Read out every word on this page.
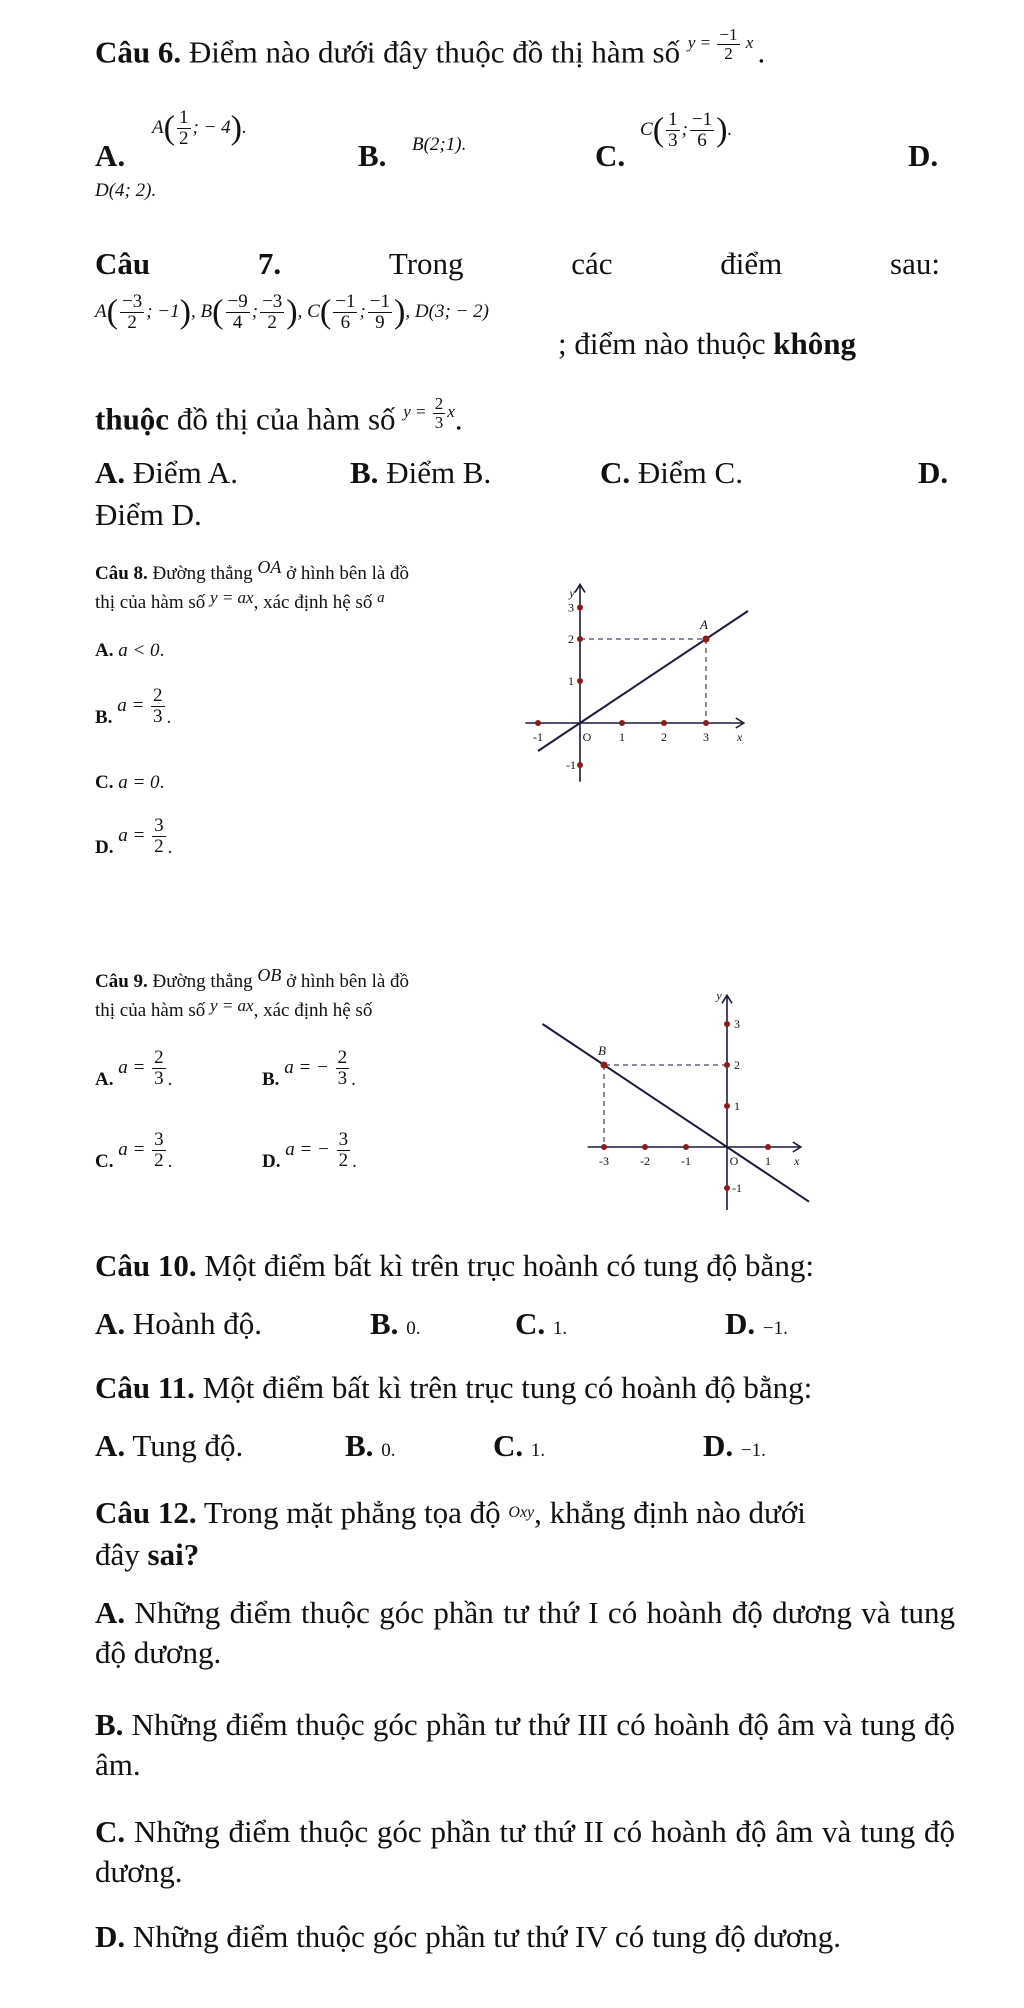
Câu 6. Điểm nào dưới đây thuộc đồ thị hàm số $^{y = \frac{-1}{2} x}$ .
A.
$A( \frac{1}{2}$ ; − 4).
B. B(2;1).	C.
$C( \frac{1}{3}$ ; $\frac{-1}{6}$ ).
D.
D(4; 2).
Câu	7.	Trong	các	điểm	sau:
$A( \frac{-3}{2}$ ; −1), $B( \frac{-9}{4}$ ; $\frac{-3}{2}$ ), $C( \frac{-1}{6}$ ; $\frac{-1}{9}$ ), D(3; − 2)
; điểm nào thuộc không
thuộc đồ thị của hàm số $^{y = \frac{2}{3} x}$.
A. Điểm A.	B. Điểm B.	C. Điểm C.	D.
Điểm D.
Câu 8. Đường thẳng OA ở hình bên là đồ
thị của hàm số y = ax, xác định hệ số $^a$
A. a < 0.
B. $a = \frac{2}{3}$ .
C. a = 0.
D. $a = \frac{3}{2}$ .
-1	O 1	2	3 x
y
3
2
1
-1
A
Câu 9. Đường thẳng OB ở hình bên là đồ
thị của hàm số y = ax, xác định hệ số
A. $a = \frac{2}{3}$ .	B. a = − $\frac{2}{3}$ .
C. $a = \frac{3}{2}$ .	D. a = − $\frac{3}{2}$ .	-3	-2	-1	O 1 x
y
3
2
1
-1
B
Câu 10. Một điểm bất kì trên trục hoành có tung độ bằng:
A. Hoành độ.	B. 0.	C. 1.	D. −1.
Câu 11. Một điểm bất kì trên trục tung có hoành độ bằng:
A. Tung độ.	B. 0.	C. 1.	D. −1.
Câu 12. Trong mặt phẳng tọa độ Oxy, khẳng định nào dưới
đây sai?
A. Những điểm thuộc góc phần tư thứ I có hoành độ dương và tung độ dương.
B. Những điểm thuộc góc phần tư thứ III có hoành độ âm và tung độ âm.
C. Những điểm thuộc góc phần tư thứ II có hoành độ âm và tung độ dương.
D. Những điểm thuộc góc phần tư thứ IV có tung độ dương.
